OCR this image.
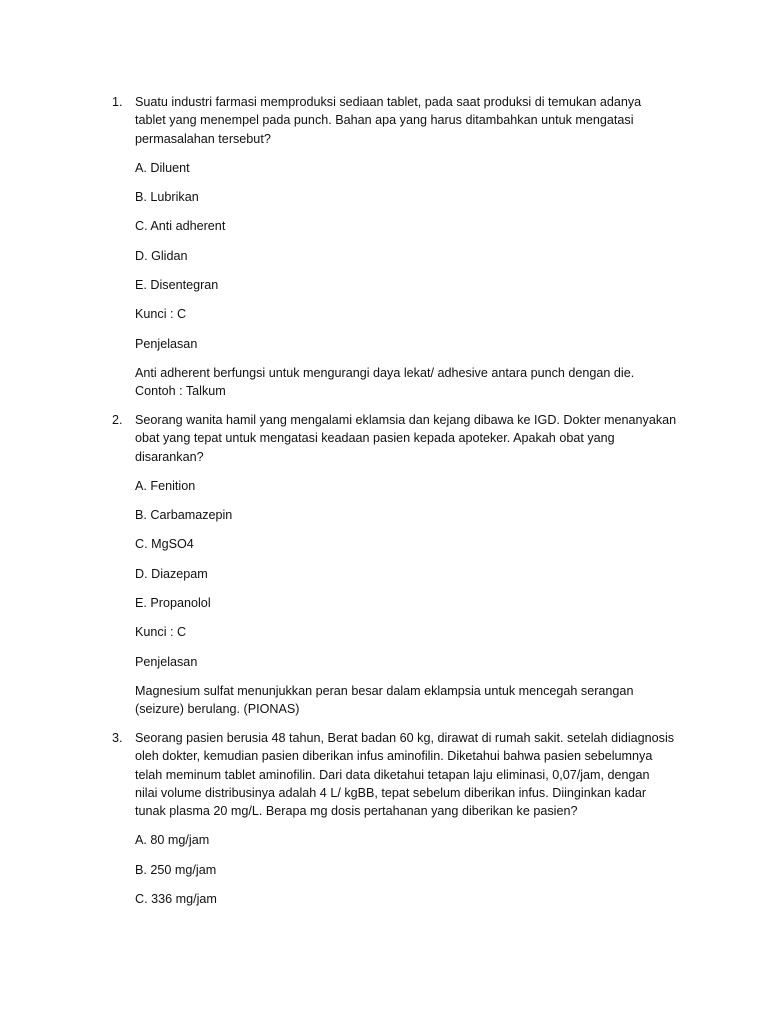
1. Suatu industri farmasi memproduksi sediaan tablet, pada saat produksi di temukan adanya
tablet yang menempel pada punch. Bahan apa yang harus ditambahkan untuk mengatasi
permasalahan tersebut?
A. Diluent
B. Lubrikan
C. Anti adherent
D. Glidan
E. Disentegran
Kunci : C
Penjelasan
Anti adherent berfungsi untuk mengurangi daya lekat/ adhesive antara punch dengan die.
Contoh : Talkum
2. Seorang wanita hamil yang mengalami eklamsia dan kejang dibawa ke IGD. Dokter menanyakan
obat yang tepat untuk mengatasi keadaan pasien kepada apoteker. Apakah obat yang
disarankan?
A. Fenition
B. Carbamazepin
C. MgSO4
D. Diazepam
E. Propanolol
Kunci : C
Penjelasan
Magnesium sulfat menunjukkan peran besar dalam eklampsia untuk mencegah serangan
(seizure) berulang. (PIONAS)
3. Seorang pasien berusia 48 tahun, Berat badan 60 kg, dirawat di rumah sakit. setelah didiagnosis
oleh dokter, kemudian pasien diberikan infus aminofilin. Diketahui bahwa pasien sebelumnya
telah meminum tablet aminofilin. Dari data diketahui tetapan laju eliminasi, 0,07/jam, dengan
nilai volume distribusinya adalah 4 L/ kgBB, tepat sebelum diberikan infus. Diinginkan kadar
tunak plasma 20 mg/L. Berapa mg dosis pertahanan yang diberikan ke pasien?
A. 80 mg/jam
B. 250 mg/jam
C. 336 mg/jam
